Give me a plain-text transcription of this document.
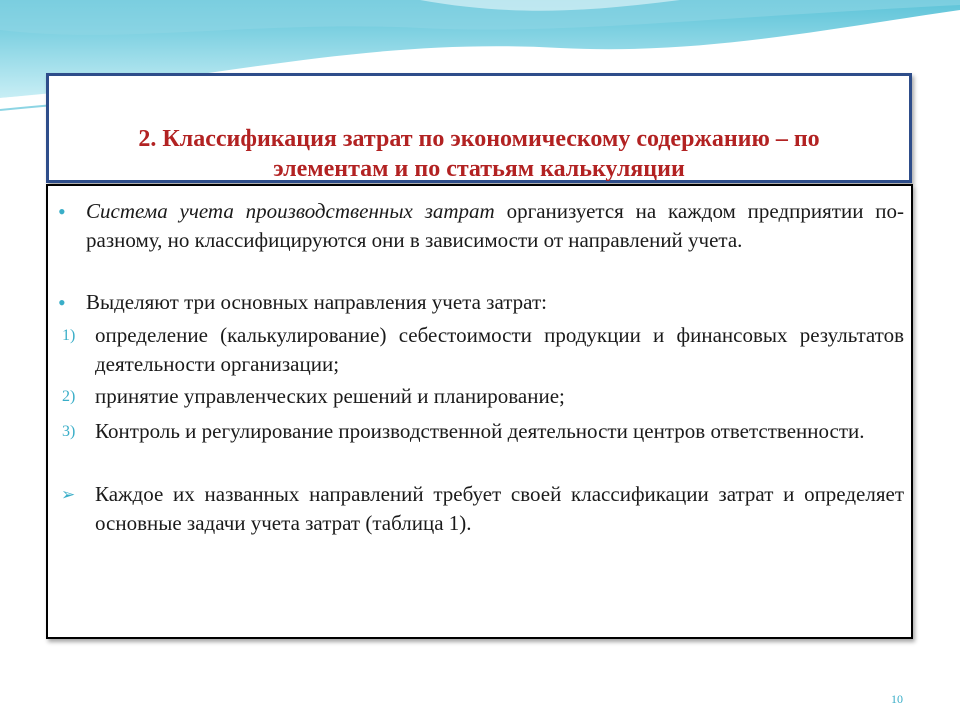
2. Классификация затрат по экономическому содержанию – по
элементам и по статьям калькуляции
• Система учета производственных затрат организуется на каждом предприятии по-разному, но классифицируются они в зависимости от направлений учета.
• Выделяют три основных направления учета затрат:
1) определение (калькулирование) себестоимости продукции и финансовых результатов деятельности организации;
2) принятие управленческих решений и планирование;
3) Контроль и регулирование производственной деятельности центров ответственности.
➢ Каждое их названных направлений требует своей классификации затрат и определяет основные задачи учета затрат (таблица 1).
10
